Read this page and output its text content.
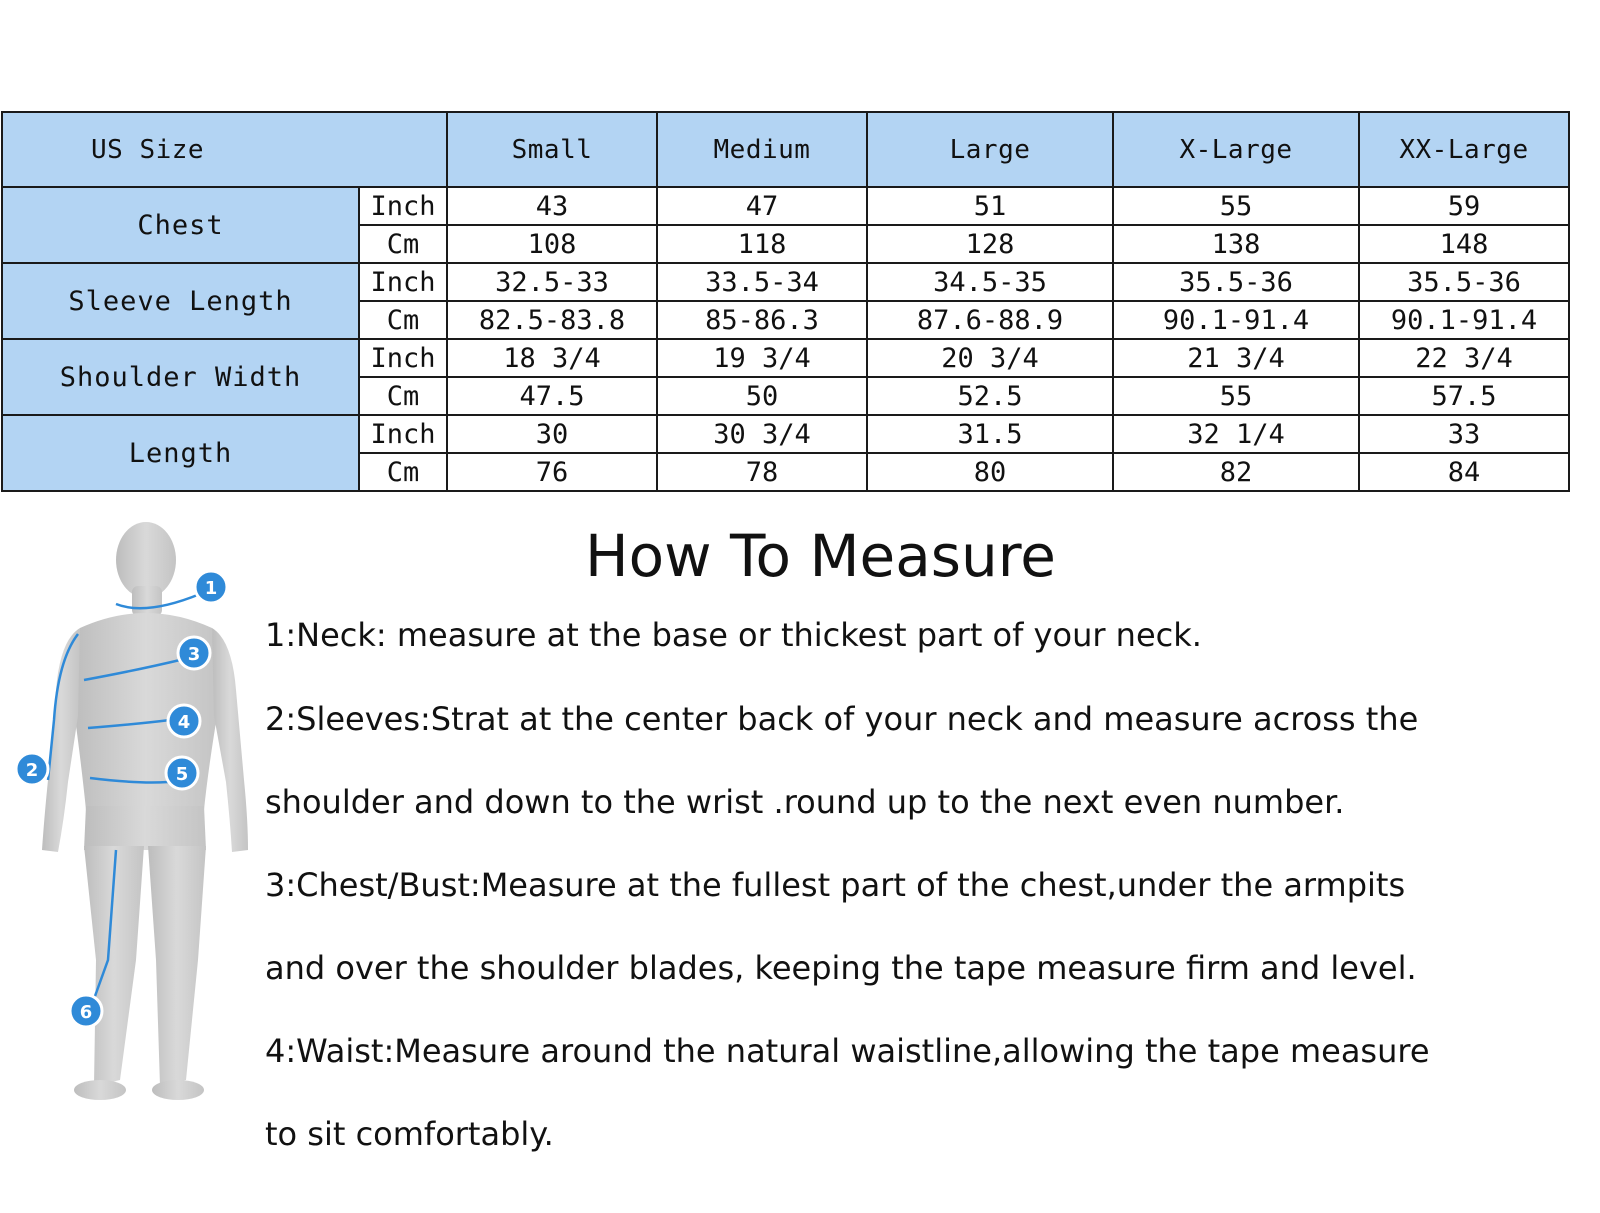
US Size		Small	Medium	Large	X-Large	XX-Large
Chest	Inch	43	47	51	55	59
	Cm	108	118	128	138	148
Sleeve Length	Inch	32.5-33	33.5-34	34.5-35	35.5-36	35.5-36
	Cm	82.5-83.8	85-86.3	87.6-88.9	90.1-91.4	90.1-91.4
Shoulder Width	Inch	18 3/4	19 3/4	20 3/4	21 3/4	22 3/4
	Cm	47.5	50	52.5	55	57.5
Length	Inch	30	30 3/4	31.5	32 1/4	33
	Cm	76	78	80	82	84
1
2
3
4
5
6
How To Measure

1:Neck: measure at the base or thickest part of your neck.

2:Sleeves:Strat at the center back of your neck and measure across the

shoulder and down to the wrist .round up to the next even number.

3:Chest/Bust:Measure at the fullest part of the chest,under the armpits

and over the shoulder blades, keeping the tape measure firm and level.

4:Waist:Measure around the natural waistline,allowing the tape measure

to sit comfortably.
